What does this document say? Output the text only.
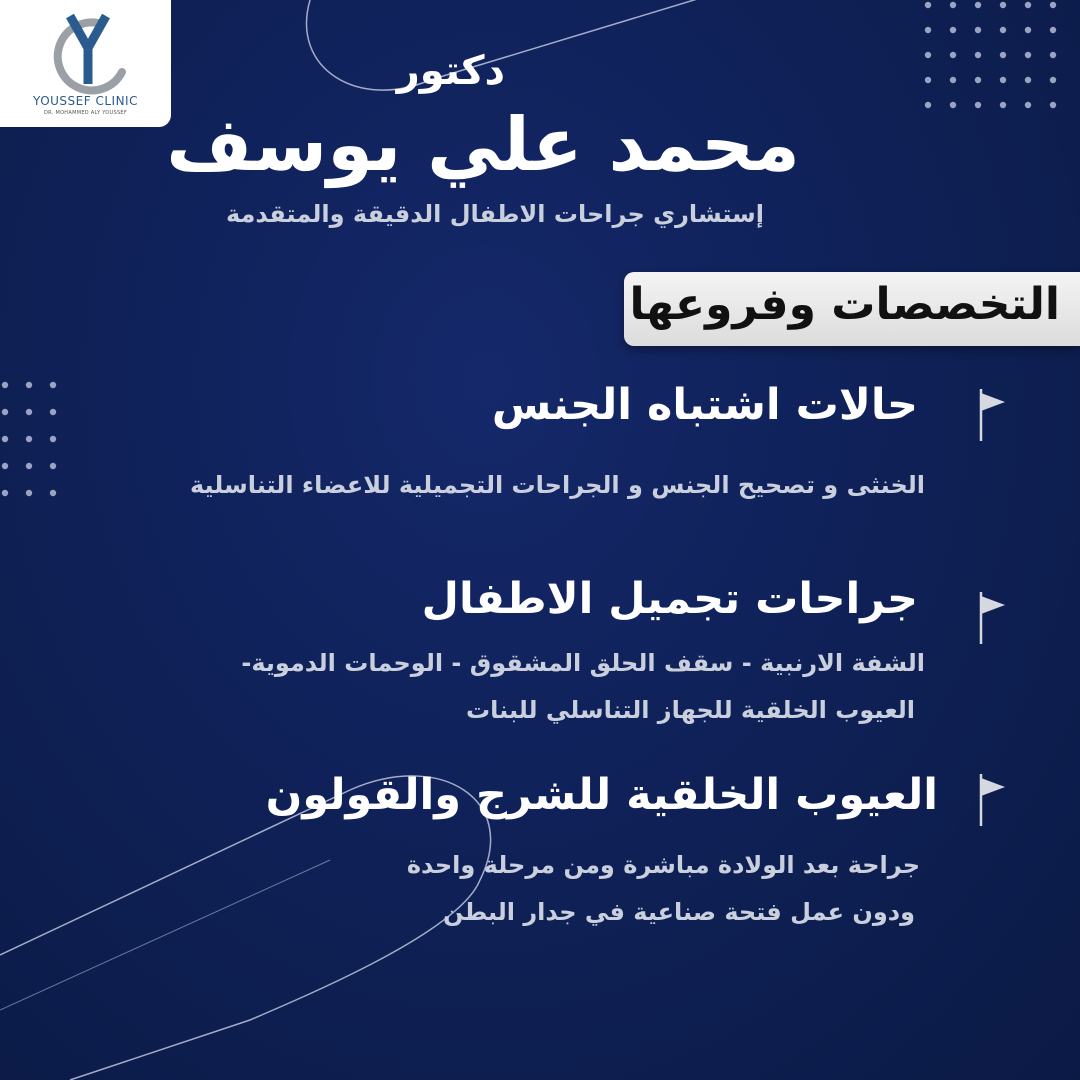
YOUSSEF CLINIC
DR. MOHAMMED ALY YOUSSEF
دكتور
محمد علي يوسف
إستشاري جراحات الاطفال الدقيقة والمتقدمة
التخصصات وفروعها
حالات اشتباه الجنس
الخنثى و تصحيح الجنس و الجراحات التجميلية للاعضاء التناسلية
جراحات تجميل الاطفال
الشفة الارنبية - سقف الحلق المشقوق - الوحمات الدموية-
العيوب الخلقية للجهاز التناسلي للبنات
العيوب الخلقية للشرج والقولون
جراحة بعد الولادة مباشرة ومن مرحلة واحدة
ودون عمل فتحة صناعية في جدار البطن
